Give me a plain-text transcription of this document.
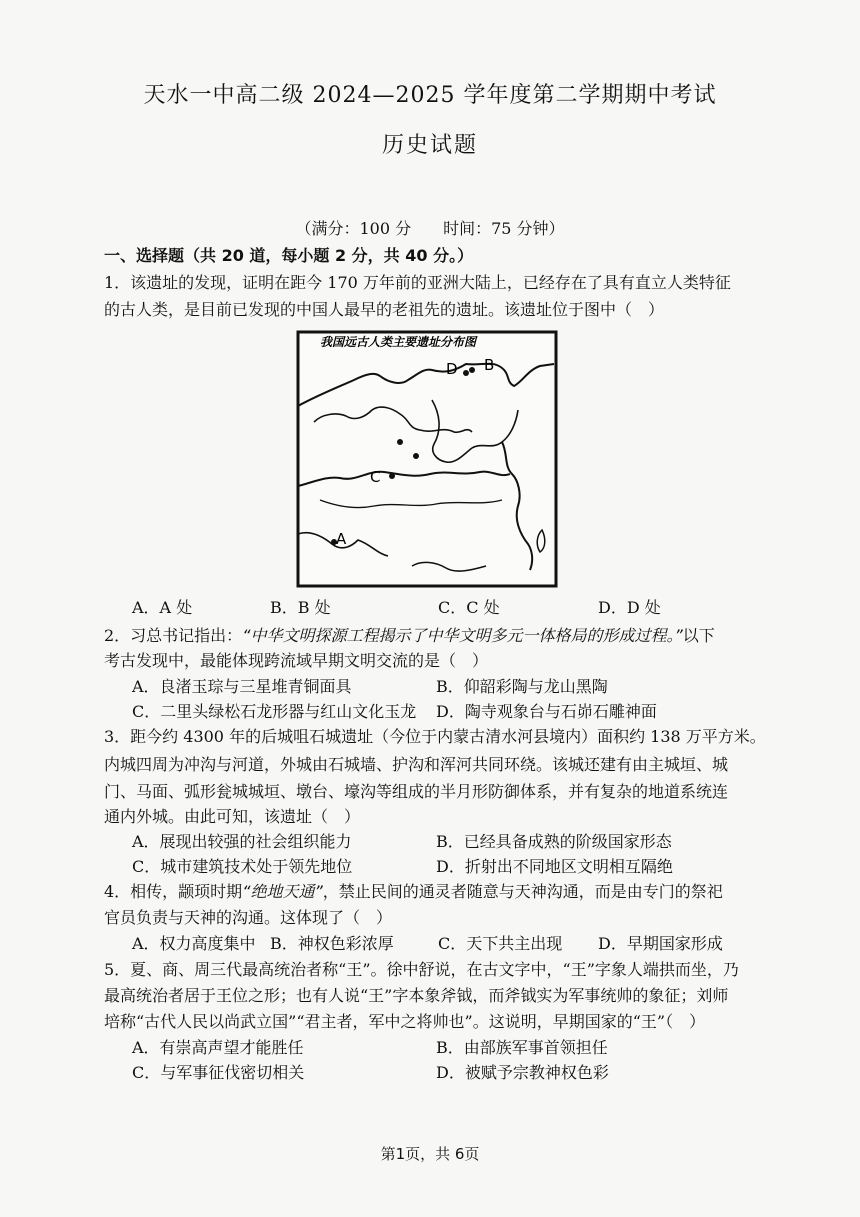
天水一中高二级 2024—2025 学年度第二学期期中考试
历史试题
（满分：100 分　　时间：75 分钟）
一、选择题（共 20 道，每小题 2 分，共 40 分。）
1．该遗址的发现，证明在距今 170 万年前的亚洲大陆上，已经存在了具有直立人类特征
的古人类，是目前已发现的中国人最早的老祖先的遗址。该遗址位于图中（　）
我国远古人类主要遗址分布图
D B
C
A
A．A 处	B．B 处	C．C 处	D．D 处
2．习总书记指出：“中华文明探源工程揭示了中华文明多元一体格局的形成过程。”以下
考古发现中，最能体现跨流域早期文明交流的是（　）
A．良渚玉琮与三星堆青铜面具	B．仰韶彩陶与龙山黑陶
C．二里头绿松石龙形器与红山文化玉龙 D．陶寺观象台与石峁石雕神面
3．距今约 4300 年的后城咀石城遗址（今位于内蒙古清水河县境内）面积约 138 万平方米。
内城四周为冲沟与河道，外城由石城墙、护沟和浑河共同环绕。该城还建有由主城垣、城
门、马面、弧形瓮城城垣、墩台、壕沟等组成的半月形防御体系，并有复杂的地道系统连
通内外城。由此可知，该遗址（　）
A．展现出较强的社会组织能力	B．已经具备成熟的阶级国家形态
C．城市建筑技术处于领先地位	D．折射出不同地区文明相互隔绝
4．相传，颛顼时期“绝地天通”，禁止民间的通灵者随意与天神沟通，而是由专门的祭祀
官员负责与天神的沟通。这体现了（　）
A．权力高度集中 B．神权色彩浓厚	C．天下共主出现 D．早期国家形成
5．夏、商、周三代最高统治者称“王”。徐中舒说，在古文字中，“王”字象人端拱而坐，乃
最高统治者居于王位之形；也有人说“王”字本象斧钺，而斧钺实为军事统帅的象征；刘师
培称“古代人民以尚武立国”“君主者，军中之将帅也”。这说明，早期国家的“王”（　）
A．有崇高声望才能胜任	B．由部族军事首领担任
C．与军事征伐密切相关	D．被赋予宗教神权色彩
第1页，共 6页
